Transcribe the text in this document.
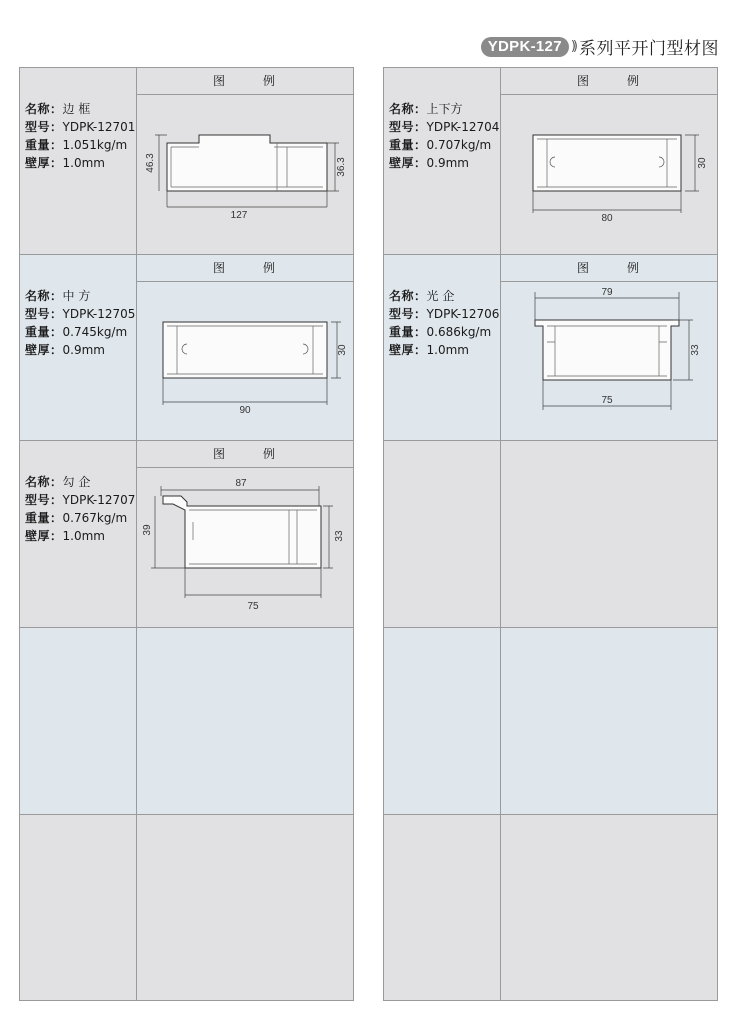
YDPK-127 )) 系列平开门型材图
名称：边 框
型号：YDPK-12701
重量：1.051kg/m
壁厚：1.0mm
图	例
127
46.3	36.3
名称：中 方
型号：YDPK-12705
重量：0.745kg/m
壁厚：0.9mm
图	例
90
30
名称：勾 企
型号：YDPK-12707
重量：0.767kg/m
壁厚：1.0mm
图	例
87
75
39
33
名称：上下方
型号：YDPK-12704
重量：0.707kg/m
壁厚：0.9mm
图	例
80
30
名称：光 企
型号：YDPK-12706
重量：0.686kg/m
壁厚：1.0mm
图	例
79
75
33
